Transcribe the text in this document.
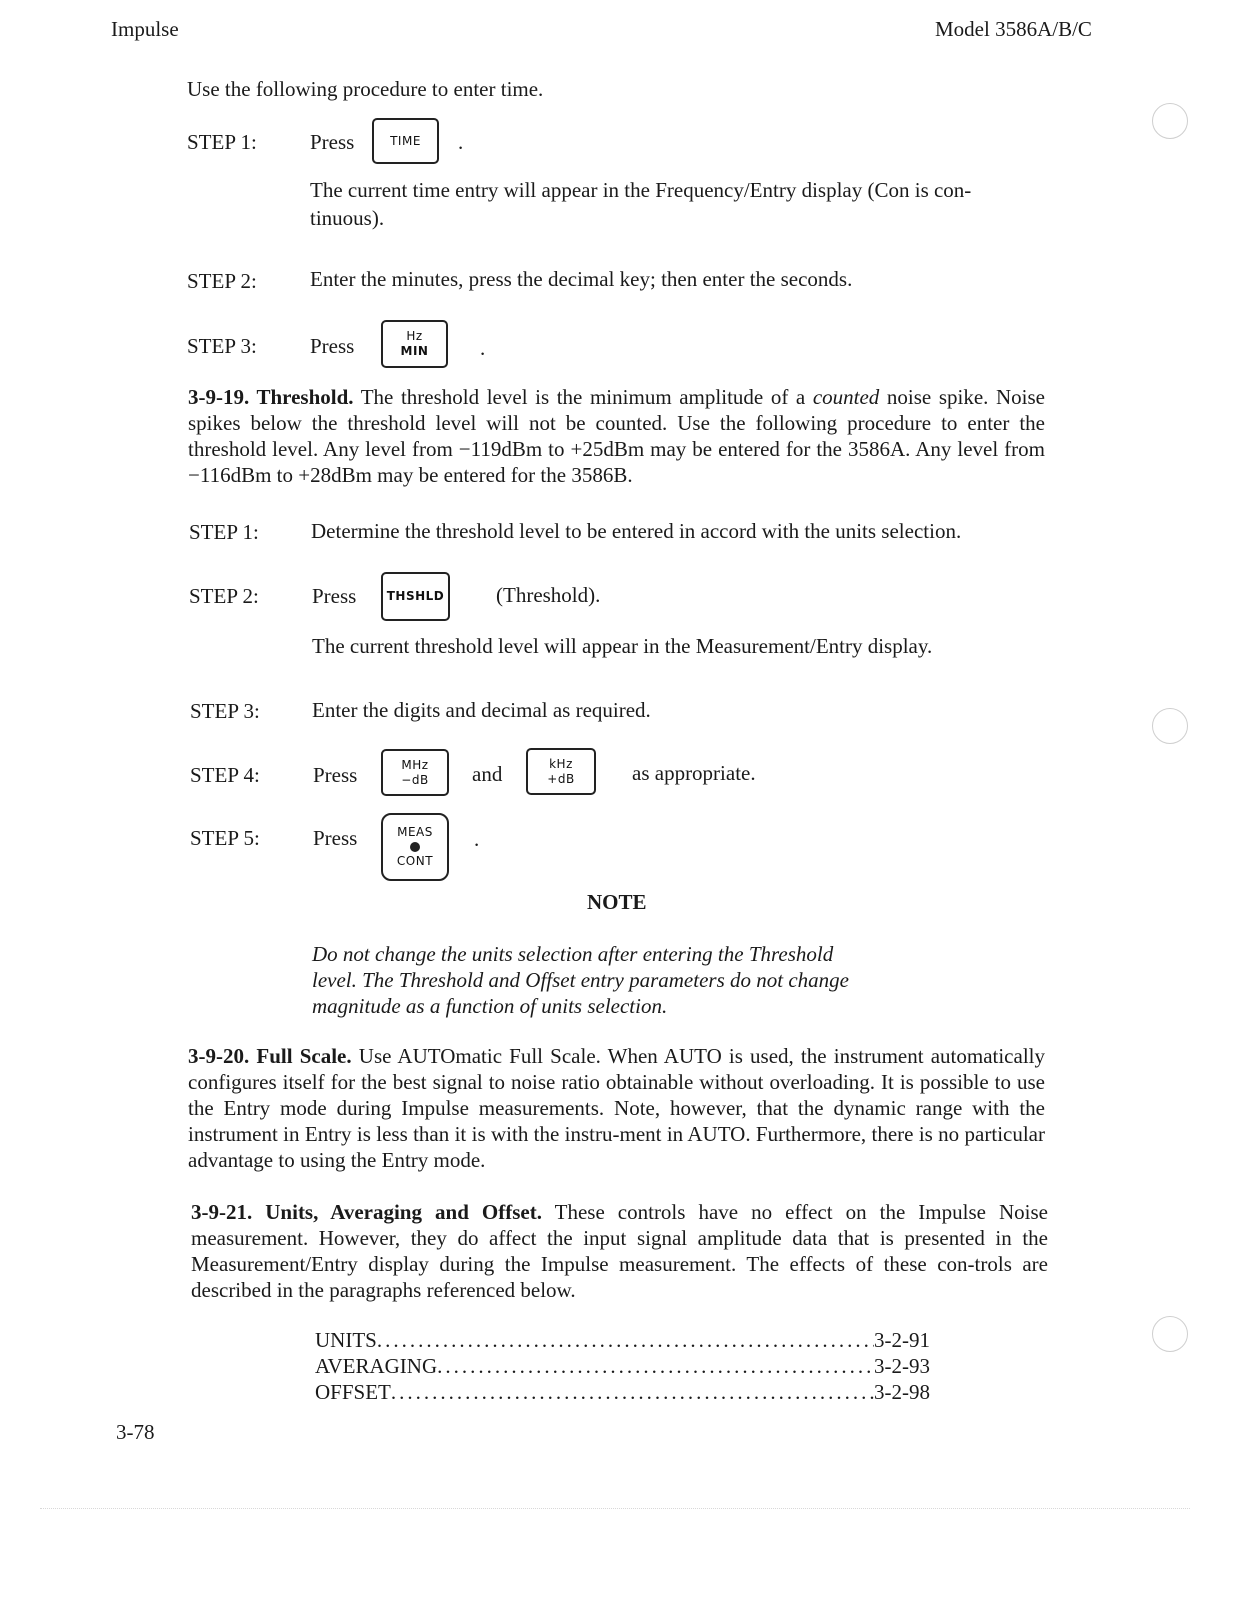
Impulse	Model 3586A/B/C
Use the following procedure to enter time.
STEP 1:	Press	TIME .
The current time entry will appear in the Frequency/Entry display (Con is con-
tinuous).
STEP 2:	Enter the minutes, press the decimal key; then enter the seconds.
STEP 3:	Press	Hz
MIN .
3-9-19. Threshold. The threshold level is the minimum amplitude of a counted noise spike. Noise spikes below the threshold level will not be counted. Use the following procedure to enter the threshold level. Any level from −119dBm to +25dBm may be entered for the 3586A. Any level from −116dBm to +28dBm may be entered for the 3586B.
STEP 1: Determine the threshold level to be entered in accord with the units selection.
STEP 2:	Press	THSHLD (Threshold).
The current threshold level will appear in the Measurement/Entry display.
STEP 3: Enter the digits and decimal as required.
STEP 4:	Press	MHz
−dB and	kHz
+dB	as appropriate.
STEP 5:	Press	MEAS
CONT
.
NOTE
Do not change the units selection after entering the Threshold
level. The Threshold and Offset entry parameters do not change
magnitude as a function of units selection.
3-9-20. Full Scale. Use AUTOmatic Full Scale. When AUTO is used, the instrument automatically configures itself for the best signal to noise ratio obtainable without overloading. It is possible to use the Entry mode during Impulse measurements. Note, however, that the dynamic range with the instrument in Entry is less than it is with the instru-ment in AUTO. Furthermore, there is no particular advantage to using the Entry mode.
3-9-21. Units, Averaging and Offset. These controls have no effect on the Impulse Noise measurement. However, they do affect the input signal amplitude data that is presented in the Measurement/Entry display during the Impulse measurement. The effects of these con-trols are described in the paragraphs referenced below.
UNITS .....	3-2-91
AVERAGING .....	3-2-93
OFFSET .....	3-2-98
3-78
